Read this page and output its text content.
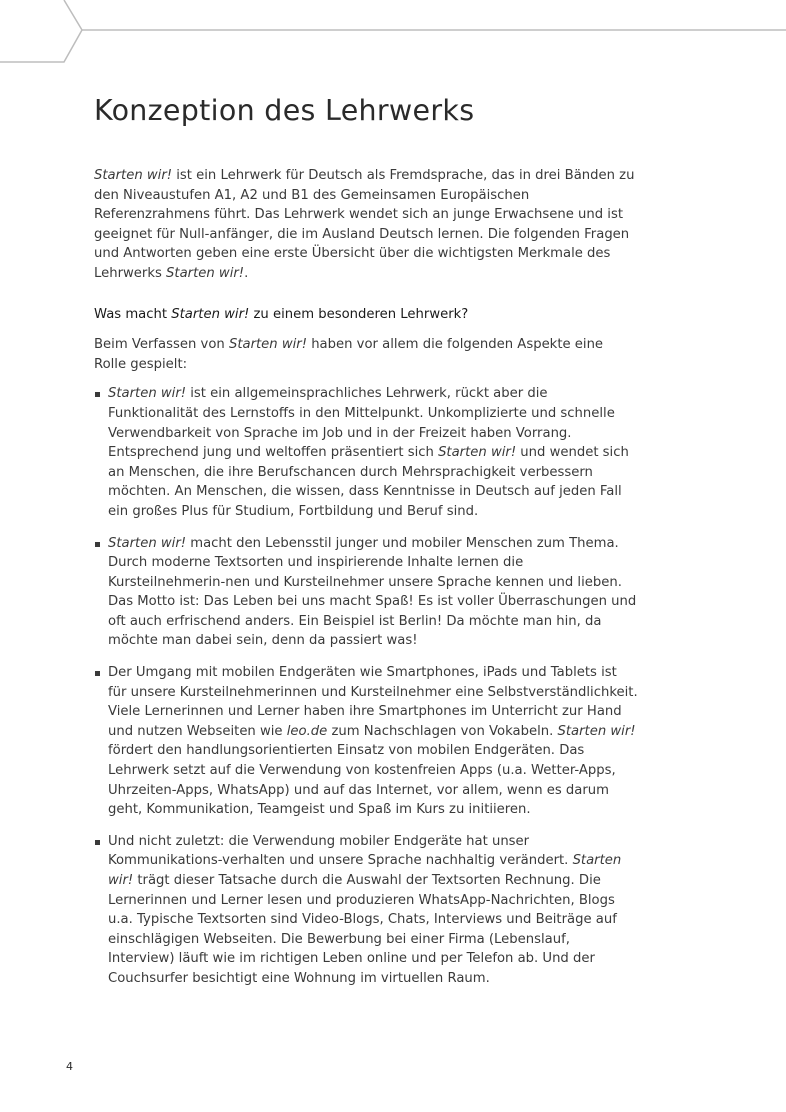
Konzeption des Lehrwerks

Starten wir! ist ein Lehrwerk für Deutsch als Fremdsprache, das in drei Bänden zu den Niveaustufen A1, A2 und B1 des Gemeinsamen Europäischen Referenzrahmens führt. Das Lehrwerk wendet sich an junge Erwachsene und ist geeignet für Null-anfänger, die im Ausland Deutsch lernen. Die folgenden Fragen und Antworten geben eine erste Übersicht über die wichtigsten Merkmale des Lehrwerks Starten wir!.

Was macht Starten wir! zu einem besonderen Lehrwerk?

Beim Verfassen von Starten wir! haben vor allem die folgenden Aspekte eine Rolle gespielt:

Starten wir! ist ein allgemeinsprachliches Lehrwerk, rückt aber die Funktionalität des Lernstoffs in den Mittelpunkt. Unkomplizierte und schnelle Verwendbarkeit von Sprache im Job und in der Freizeit haben Vorrang. Entsprechend jung und weltoffen präsentiert sich Starten wir! und wendet sich an Menschen, die ihre Berufschancen durch Mehrsprachigkeit verbessern möchten. An Menschen, die wissen, dass Kenntnisse in Deutsch auf jeden Fall ein großes Plus für Studium, Fortbildung und Beruf sind.
Starten wir! macht den Lebensstil junger und mobiler Menschen zum Thema. Durch moderne Textsorten und inspirierende Inhalte lernen die Kursteilnehmerin-nen und Kursteilnehmer unsere Sprache kennen und lieben. Das Motto ist: Das Leben bei uns macht Spaß! Es ist voller Überraschungen und oft auch erfrischend anders. Ein Beispiel ist Berlin! Da möchte man hin, da möchte man dabei sein, denn da passiert was!
Der Umgang mit mobilen Endgeräten wie Smartphones, iPads und Tablets ist für unsere Kursteilnehmerinnen und Kursteilnehmer eine Selbstverständlichkeit. Viele Lernerinnen und Lerner haben ihre Smartphones im Unterricht zur Hand und nutzen Webseiten wie leo.de zum Nachschlagen von Vokabeln. Starten wir! fördert den handlungsorientierten Einsatz von mobilen Endgeräten. Das Lehrwerk setzt auf die Verwendung von kostenfreien Apps (u.a. Wetter-Apps, Uhrzeiten-Apps, WhatsApp) und auf das Internet, vor allem, wenn es darum geht, Kommunikation, Teamgeist und Spaß im Kurs zu initiieren.
Und nicht zuletzt: die Verwendung mobiler Endgeräte hat unser Kommunikations-verhalten und unsere Sprache nachhaltig verändert. Starten wir! trägt dieser Tatsache durch die Auswahl der Textsorten Rechnung. Die Lernerinnen und Lerner lesen und produzieren WhatsApp-Nachrichten, Blogs u.a. Typische Textsorten sind Video-Blogs, Chats, Interviews und Beiträge auf einschlägigen Webseiten. Die Bewerbung bei einer Firma (Lebenslauf, Interview) läuft wie im richtigen Leben online und per Telefon ab. Und der Couchsurfer besichtigt eine Wohnung im virtuellen Raum.
4
